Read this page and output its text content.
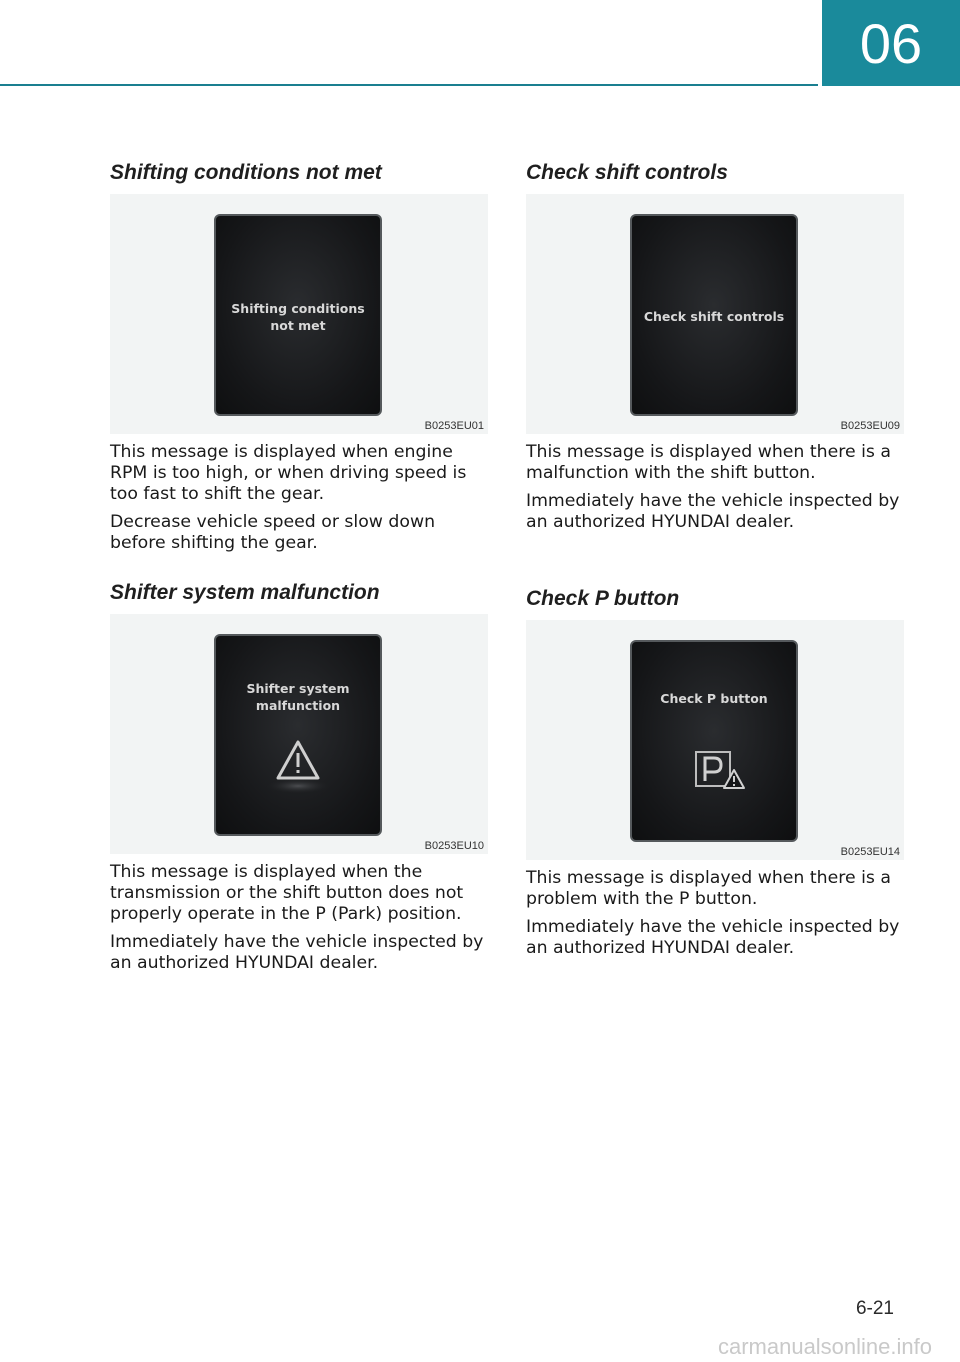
06
Shifting conditions not met
Shifting conditions
not met
B0253EU01

This message is displayed when engine RPM is too high, or when driving speed is too fast to shift the gear.

Decrease vehicle speed or slow down before shifting the gear.

Shifter system malfunction
Shifter system
malfunction
B0253EU10

This message is displayed when the transmission or the shift button does not properly operate in the P (Park) position.

Immediately have the vehicle inspected by an authorized HYUNDAI dealer.

Check shift controls
Check shift controls
B0253EU09

This message is displayed when there is a malfunction with the shift button.

Immediately have the vehicle inspected by an authorized HYUNDAI dealer.

Check P button
Check P button
B0253EU14

This message is displayed when there is a problem with the P button.

Immediately have the vehicle inspected by an authorized HYUNDAI dealer.

6-21
carmanualsonline.info
